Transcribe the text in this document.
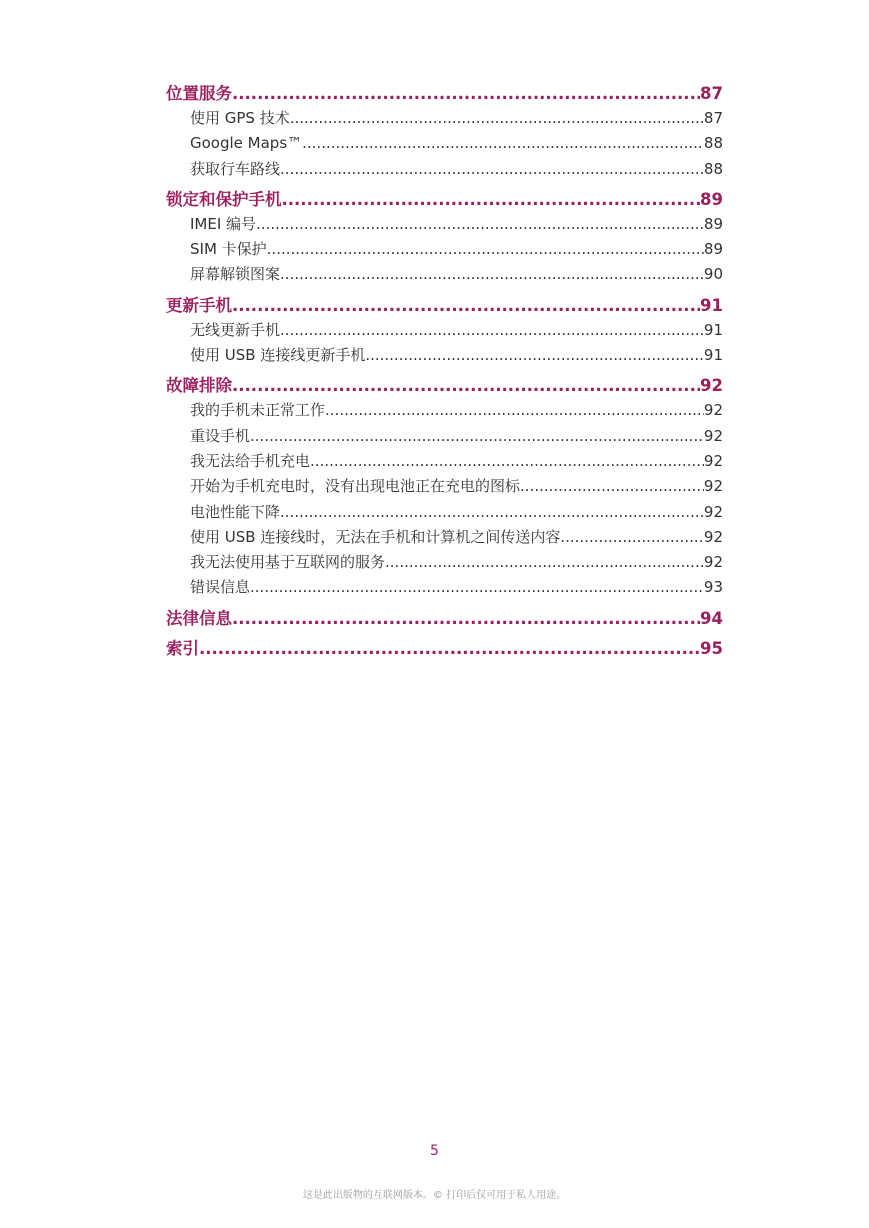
位置服务 .....	87
使用 GPS 技术 .....	87
Google Maps™ .....	88
获取行车路线 .....	88
锁定和保护手机 .....	89
IMEI 编号 .....	89
SIM 卡保护 .....	89
屏幕解锁图案 .....	90
更新手机 .....	91
无线更新手机 .....	91
使用 USB 连接线更新手机 .....	91
故障排除 .....	92
我的手机未正常工作 .....	92
重设手机 .....	92
我无法给手机充电 .....	92
开始为手机充电时，没有出现电池正在充电的图标 .....	92
电池性能下降 .....	92
使用 USB 连接线时，无法在手机和计算机之间传送内容 .....	92
我无法使用基于互联网的服务 .....	92
错误信息 .....	93
法律信息 .....	94
索引 .....	95
5
这是此出版物的互联网版本。© 打印后仅可用于私人用途。
